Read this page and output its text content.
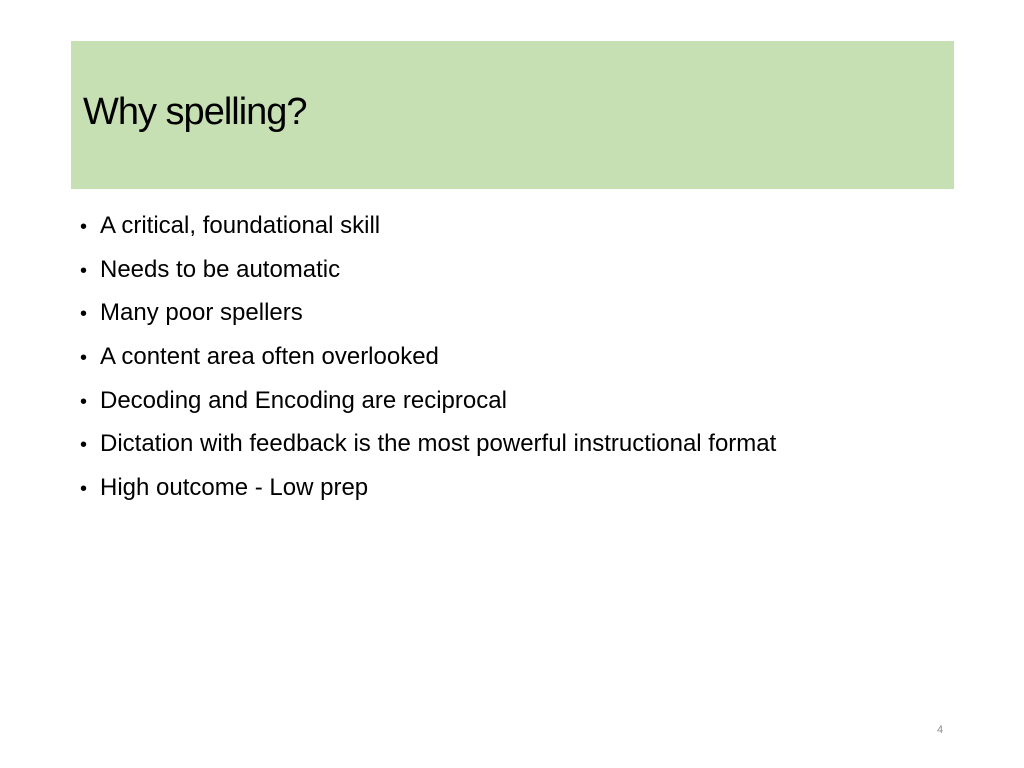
Why spelling?
• A critical, foundational skill
• Needs to be automatic
• Many poor spellers
• A content area often overlooked
• Decoding and Encoding are reciprocal
• Dictation with feedback is the most powerful instructional format
• High outcome - Low prep
4
